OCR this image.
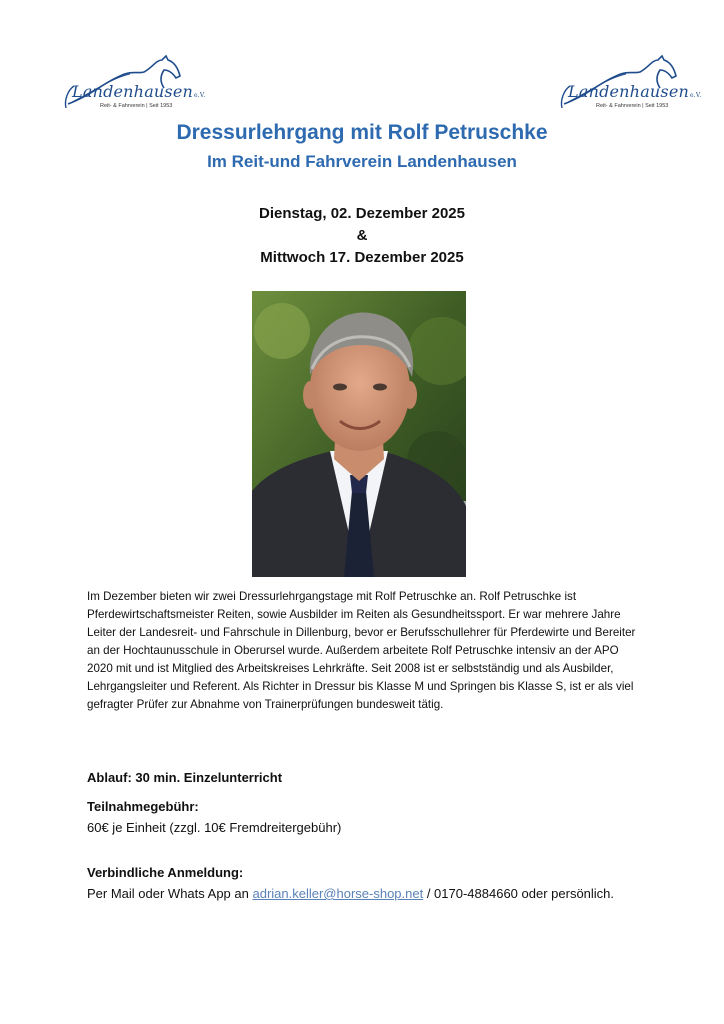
Landenhausene.V.
Reit- & Fahrverein | Seit 1953
Landenhausene.V.
Reit- & Fahrverein | Seit 1953
Dressurlehrgang mit Rolf Petruschke
Im Reit-und Fahrverein Landenhausen
Dienstag, 02. Dezember 2025
&
Mittwoch 17. Dezember 2025

Im Dezember bieten wir zwei Dressurlehrgangstage mit Rolf Petruschke an. Rolf Petruschke ist Pferdewirtschaftsmeister Reiten, sowie Ausbilder im Reiten als Gesundheitssport. Er war mehrere Jahre Leiter der Landesreit- und Fahrschule in Dillenburg, bevor er Berufsschullehrer für Pferdewirte und Bereiter an der Hochtaunusschule in Oberursel wurde. Außerdem arbeitete Rolf Petruschke intensiv an der APO 2020 mit und ist Mitglied des Arbeitskreises Lehrkräfte. Seit 2008 ist er selbstständig und als Ausbilder, Lehrgangsleiter und Referent. Als Richter in Dressur bis Klasse M und Springen bis Klasse S, ist er als viel gefragter Prüfer zur Abnahme von Trainerprüfungen bundesweit tätig.

Ablauf: 30 min. Einzelunterricht
Teilnahmegebühr:
60€ je Einheit (zzgl. 10€ Fremdreitergebühr)
Verbindliche Anmeldung:
Per Mail oder Whats App an adrian.keller@horse-shop.net / 0170-4884660 oder persönlich.
